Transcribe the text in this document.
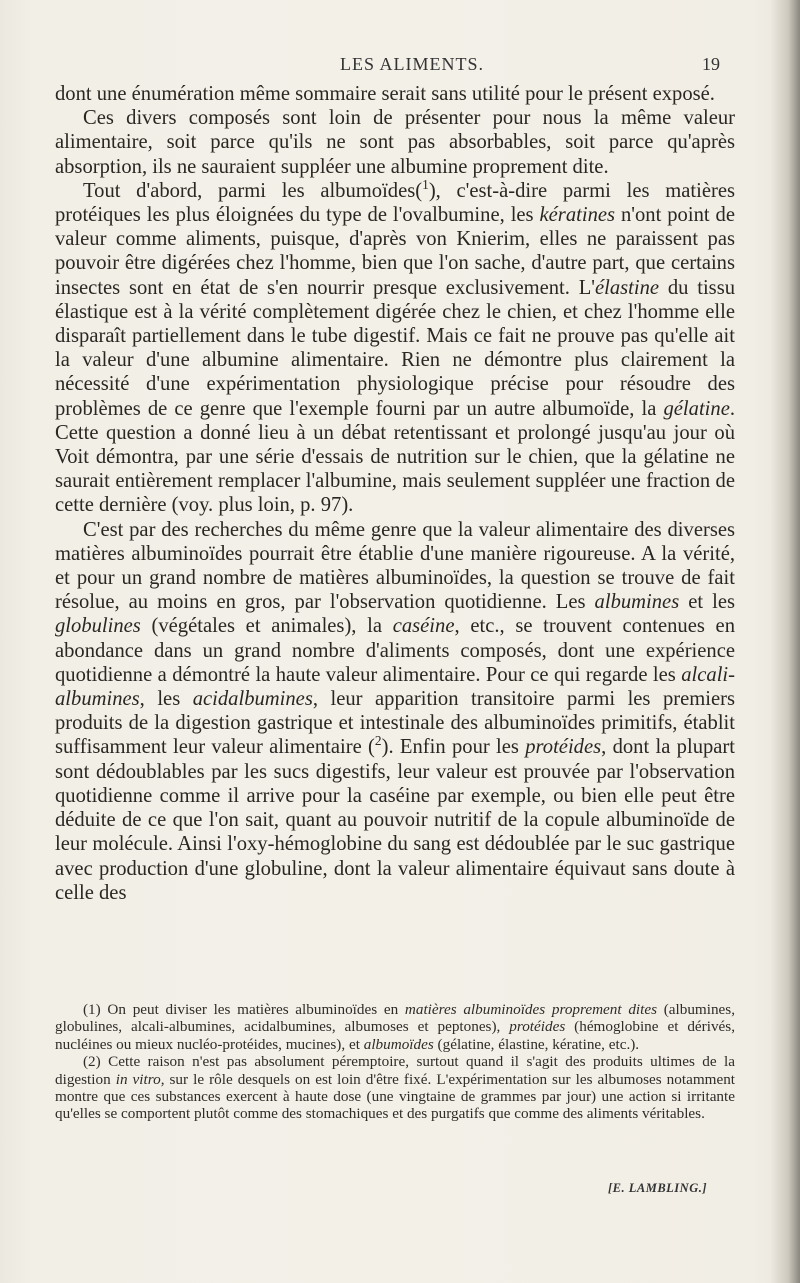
LES ALIMENTS.	19

dont une énumération même sommaire serait sans utilité pour le présent exposé.

Ces divers composés sont loin de présenter pour nous la même valeur alimentaire, soit parce qu'ils ne sont pas absorbables, soit parce qu'après absorption, ils ne sauraient suppléer une albumine proprement dite.

Tout d'abord, parmi les albumoïdes($^1$), c'est-à-dire parmi les matières protéiques les plus éloignées du type de l'ovalbumine, les kératines n'ont point de valeur comme aliments, puisque, d'après von Knierim, elles ne paraissent pas pouvoir être digérées chez l'homme, bien que l'on sache, d'autre part, que certains insectes sont en état de s'en nourrir presque exclusivement. L'élastine du tissu élastique est à la vérité complètement digérée chez le chien, et chez l'homme elle disparaît partiellement dans le tube digestif. Mais ce fait ne prouve pas qu'elle ait la valeur d'une albumine alimentaire. Rien ne démontre plus clairement la nécessité d'une expérimentation physiologique précise pour résoudre des problèmes de ce genre que l'exemple fourni par un autre albumoïde, la gélatine. Cette question a donné lieu à un débat retentissant et prolongé jusqu'au jour où Voit démontra, par une série d'essais de nutrition sur le chien, que la gélatine ne saurait entièrement remplacer l'albumine, mais seulement suppléer une fraction de cette dernière (voy. plus loin, p. 97).

C'est par des recherches du même genre que la valeur alimentaire des diverses matières albuminoïdes pourrait être établie d'une manière rigoureuse. A la vérité, et pour un grand nombre de matières albuminoïdes, la question se trouve de fait résolue, au moins en gros, par l'observation quotidienne. Les albumines et les globulines (végétales et animales), la caséine, etc., se trouvent contenues en abondance dans un grand nombre d'aliments composés, dont une expérience quotidienne a démontré la haute valeur alimentaire. Pour ce qui regarde les alcali-albumines, les acidalbumines, leur apparition transitoire parmi les premiers produits de la digestion gastrique et intestinale des albuminoïdes primitifs, établit suffisamment leur valeur alimentaire ($^2$). Enfin pour les protéides, dont la plupart sont dédoublables par les sucs digestifs, leur valeur est prouvée par l'observation quotidienne comme il arrive pour la caséine par exemple, ou bien elle peut être déduite de ce que l'on sait, quant au pouvoir nutritif de la copule albuminoïde de leur molécule. Ainsi l'oxy-hémoglobine du sang est dédoublée par le suc gastrique avec production d'une globuline, dont la valeur alimentaire équivaut sans doute à celle des

(1) On peut diviser les matières albuminoïdes en matières albuminoïdes proprement dites (albumines, globulines, alcali-albumines, acidalbumines, albumoses et peptones), protéides (hémoglobine et dérivés, nucléines ou mieux nucléo-protéides, mucines), et albumoïdes (gélatine, élastine, kératine, etc.).

(2) Cette raison n'est pas absolument péremptoire, surtout quand il s'agit des produits ultimes de la digestion in vitro, sur le rôle desquels on est loin d'être fixé. L'expérimentation sur les albumoses notamment montre que ces substances exercent à haute dose (une vingtaine de grammes par jour) une action si irritante qu'elles se comportent plutôt comme des stomachiques et des purgatifs que comme des aliments véritables.

[E. LAMBLING.]
